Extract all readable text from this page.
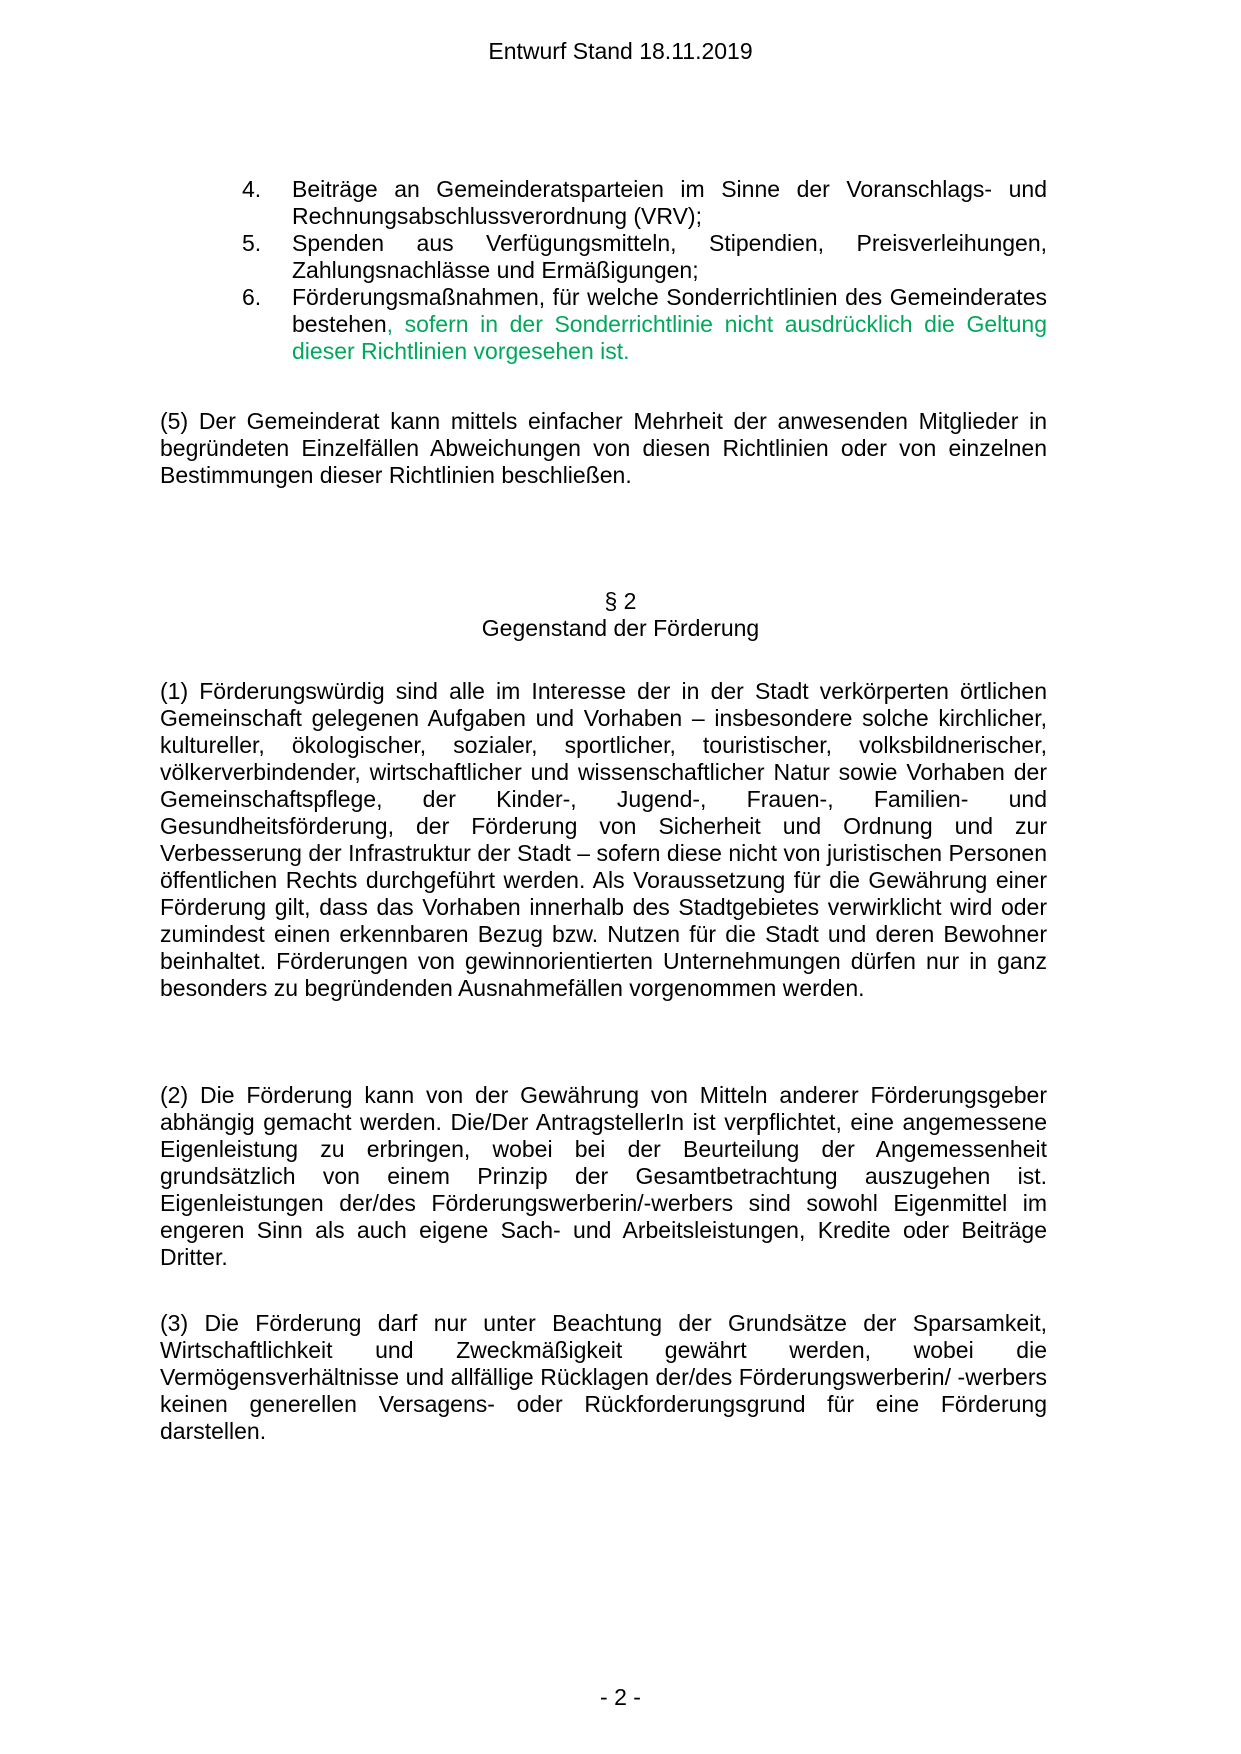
Entwurf Stand 18.11.2019
4.	Beiträge an Gemeinderatsparteien im Sinne der Voranschlags- und Rechnungsabschlussverordnung (VRV);
5.	Spenden aus Verfügungsmitteln, Stipendien, Preisverleihungen, Zahlungsnachlässe und Ermäßigungen;
6.	Förderungsmaßnahmen, für welche Sonderrichtlinien des Gemeinderates bestehen, sofern in der Sonderrichtlinie nicht ausdrücklich die Geltung dieser Richtlinien vorgesehen ist.
(5) Der Gemeinderat kann mittels einfacher Mehrheit der anwesenden Mitglieder in begründeten Einzelfällen Abweichungen von diesen Richtlinien oder von einzelnen Bestimmungen dieser Richtlinien beschließen.
§ 2
Gegenstand der Förderung
(1) Förderungswürdig sind alle im Interesse der in der Stadt verkörperten örtlichen Gemeinschaft gelegenen Aufgaben und Vorhaben – insbesondere solche kirchlicher, kultureller, ökologischer, sozialer, sportlicher, touristischer, volksbildnerischer, völkerverbindender, wirtschaftlicher und wissenschaftlicher Natur sowie Vorhaben der Gemeinschaftspflege, der Kinder-, Jugend-, Frauen-, Familien- und Gesundheitsförderung, der Förderung von Sicherheit und Ordnung und zur Verbesserung der Infrastruktur der Stadt – sofern diese nicht von juristischen Personen öffentlichen Rechts durchgeführt werden. Als Voraussetzung für die Gewährung einer Förderung gilt, dass das Vorhaben innerhalb des Stadtgebietes verwirklicht wird oder zumindest einen erkennbaren Bezug bzw. Nutzen für die Stadt und deren Bewohner beinhaltet. Förderungen von gewinnorientierten Unternehmungen dürfen nur in ganz besonders zu begründenden Ausnahmefällen vorgenommen werden.
(2) Die Förderung kann von der Gewährung von Mitteln anderer Förderungsgeber abhängig gemacht werden. Die/Der AntragstellerIn ist verpflichtet, eine angemessene Eigenleistung zu erbringen, wobei bei der Beurteilung der Angemessenheit grundsätzlich von einem Prinzip der Gesamtbetrachtung auszugehen ist. Eigenleistungen der/des Förderungswerberin/-werbers sind sowohl Eigenmittel im engeren Sinn als auch eigene Sach- und Arbeitsleistungen, Kredite oder Beiträge Dritter.
(3) Die Förderung darf nur unter Beachtung der Grundsätze der Sparsamkeit, Wirtschaftlichkeit und Zweckmäßigkeit gewährt werden, wobei die Vermögensverhältnisse und allfällige Rücklagen der/des Förderungswerberin/ -werbers keinen generellen Versagens- oder Rückforderungsgrund für eine Förderung darstellen.
- 2 -
